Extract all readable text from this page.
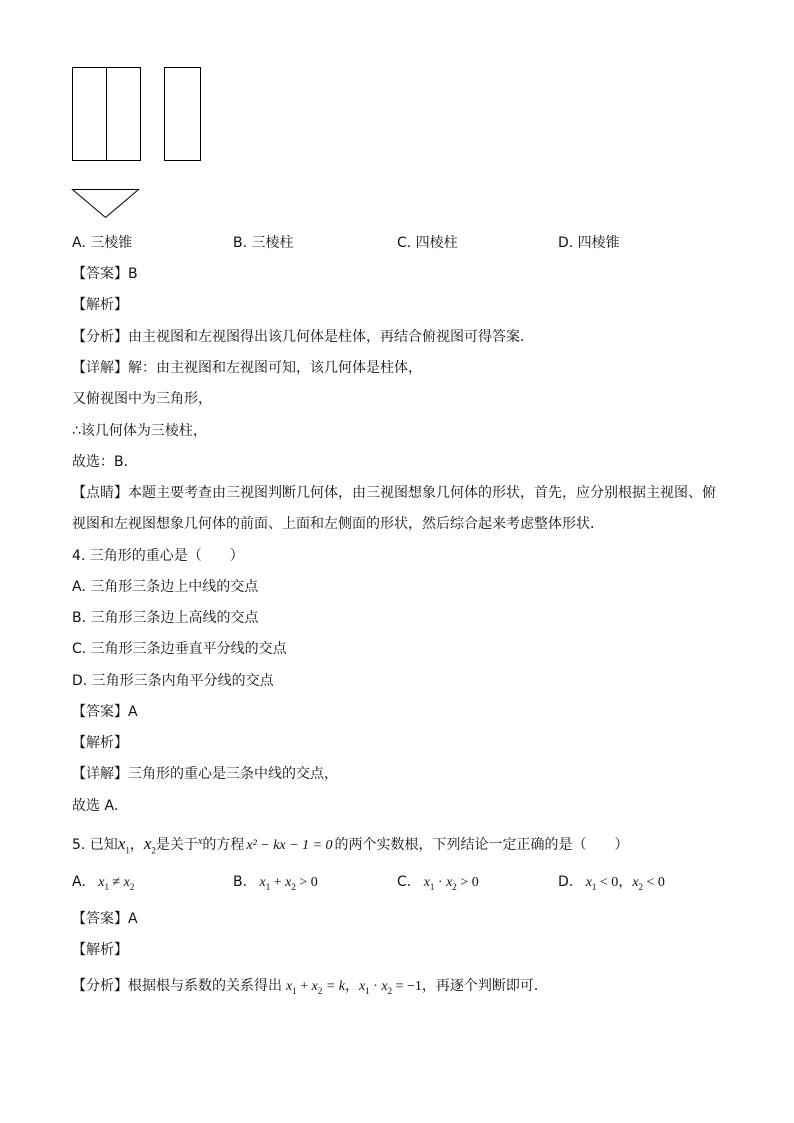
A. 三棱锥	B. 三棱柱	C. 四棱柱	D. 四棱锥
【答案】B
【解析】
【分析】由主视图和左视图得出该几何体是柱体，再结合俯视图可得答案．
【详解】解：由主视图和左视图可知，该几何体是柱体，
又俯视图中为三角形，
∴该几何体为三棱柱，
故选：B．
【点睛】本题主要考查由三视图判断几何体，由三视图想象几何体的形状，首先，应分别根据主视图、俯
视图和左视图想象几何体的前面、上面和左侧面的形状，然后综合起来考虑整体形状．
4. 三角形的重心是（　　）
A. 三角形三条边上中线的交点
B. 三角形三条边上高线的交点
C. 三角形三条边垂直平分线的交点
D. 三角形三条内角平分线的交点
【答案】A
【解析】
【详解】三角形的重心是三条中线的交点，
故选 A．
5. 已知$x_1$，$x_2$是关于$^x$的方程 x² − kx − 1 = 0 的两个实数根，下列结论一定正确的是（　　）
A. $x_1 \ne x_2$	B. $x_1 + x_2 > 0$	C. $x_1 \cdot x_2 > 0$	D. $x_1 < 0$，$x_2 < 0$
【答案】A
【解析】
【分析】根据根与系数的关系得出 $x_1 + x_2 = k$，$x_1 \cdot x_2 = -1$，再逐个判断即可．
